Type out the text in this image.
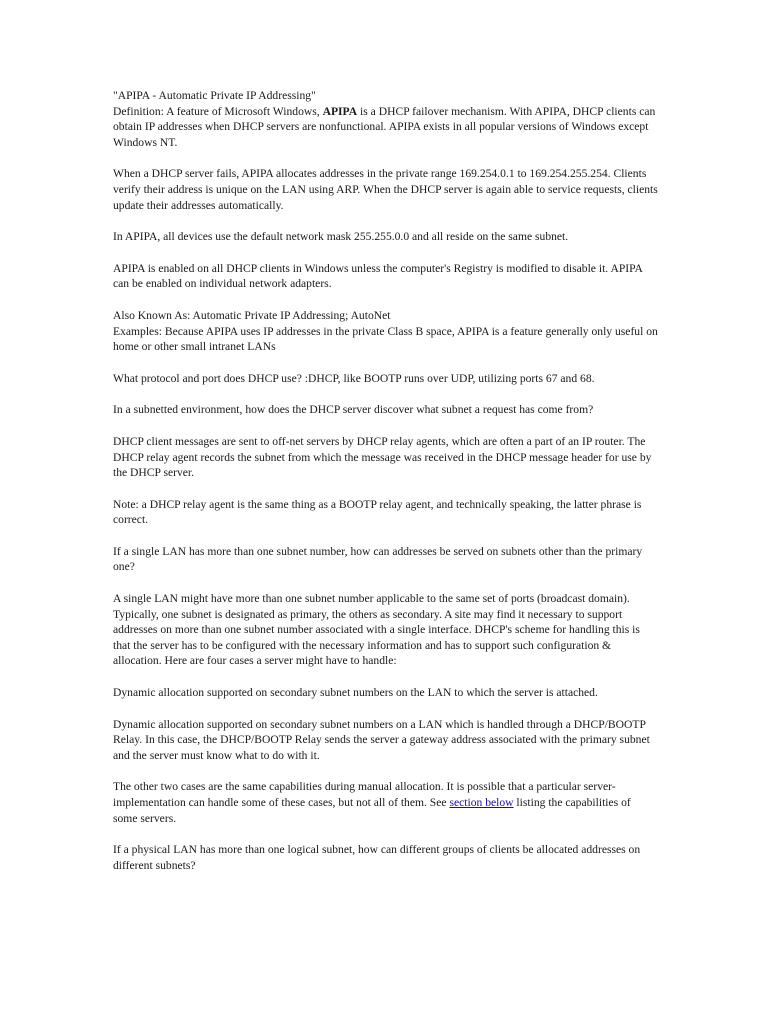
"APIPA - Automatic Private IP Addressing"

Definition: A feature of Microsoft Windows, APIPA is a DHCP failover mechanism. With APIPA, DHCP clients can obtain IP addresses when DHCP servers are nonfunctional. APIPA exists in all popular versions of Windows except Windows NT.

When a DHCP server fails, APIPA allocates addresses in the private range 169.254.0.1 to 169.254.255.254. Clients verify their address is unique on the LAN using ARP. When the DHCP server is again able to service requests, clients update their addresses automatically.

In APIPA, all devices use the default network mask 255.255.0.0 and all reside on the same subnet.

APIPA is enabled on all DHCP clients in Windows unless the computer's Registry is modified to disable it. APIPA can be enabled on individual network adapters.

Also Known As: Automatic Private IP Addressing; AutoNet

Examples: Because APIPA uses IP addresses in the private Class B space, APIPA is a feature generally only useful on home or other small intranet LANs

What protocol and port does DHCP use? :DHCP, like BOOTP runs over UDP, utilizing ports 67 and 68.

In a subnetted environment, how does the DHCP server discover what subnet a request has come from?

DHCP client messages are sent to off-net servers by DHCP relay agents, which are often a part of an IP router. The DHCP relay agent records the subnet from which the message was received in the DHCP message header for use by the DHCP server.

Note: a DHCP relay agent is the same thing as a BOOTP relay agent, and technically speaking, the latter phrase is correct.

If a single LAN has more than one subnet number, how can addresses be served on subnets other than the primary one?

A single LAN might have more than one subnet number applicable to the same set of ports (broadcast domain). Typically, one subnet is designated as primary, the others as secondary. A site may find it necessary to support addresses on more than one subnet number associated with a single interface. DHCP's scheme for handling this is that the server has to be configured with the necessary information and has to support such configuration & allocation. Here are four cases a server might have to handle:

Dynamic allocation supported on secondary subnet numbers on the LAN to which the server is attached.

Dynamic allocation supported on secondary subnet numbers on a LAN which is handled through a DHCP/BOOTP Relay. In this case, the DHCP/BOOTP Relay sends the server a gateway address associated with the primary subnet and the server must know what to do with it.

The other two cases are the same capabilities during manual allocation. It is possible that a particular server-implementation can handle some of these cases, but not all of them. See section below listing the capabilities of some servers.

If a physical LAN has more than one logical subnet, how can different groups of clients be allocated addresses on different subnets?
